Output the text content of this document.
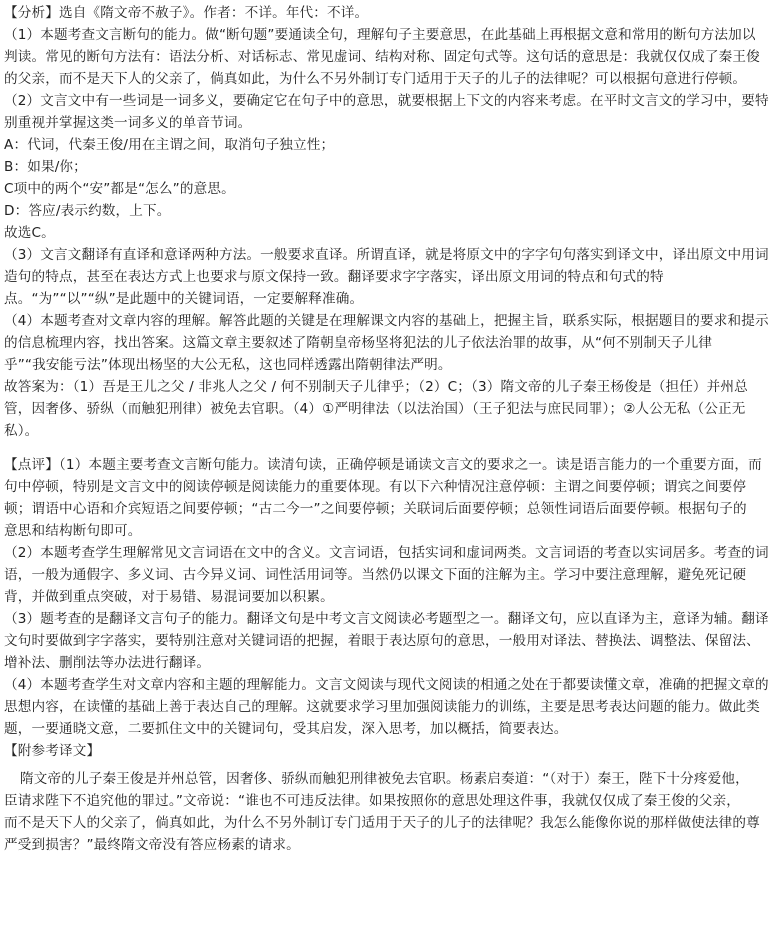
【分析】选自《隋文帝不赦子》。作者：不详。年代：不详。
（1）本题考查文言断句的能力。做“断句题”要通读全句，理解句子主要意思，在此基础上再根据文意和常用的断句方法加以
判读。常见的断句方法有：语法分析、对话标志、常见虚词、结构对称、固定句式等。这句话的意思是：我就仅仅成了秦王俊
的父亲，而不是天下人的父亲了，倘真如此，为什么不另外制订专门适用于天子的儿子的法律呢？可以根据句意进行停顿。
（2）文言文中有一些词是一词多义，要确定它在句子中的意思，就要根据上下文的内容来考虑。在平时文言文的学习中，要特
别重视并掌握这类一词多义的单音节词。
A：代词，代秦王俊/用在主谓之间，取消句子独立性；
B：如果/你；
C项中的两个“安”都是“怎么”的意思。
D：答应/表示约数，上下。
故选C。
（3）文言文翻译有直译和意译两种方法。一般要求直译。所谓直译，就是将原文中的字字句句落实到译文中，译出原文中用词
造句的特点，甚至在表达方式上也要求与原文保持一致。翻译要求字字落实，译出原文用词的特点和句式的特
点。“为”“以”“纵”是此题中的关键词语，一定要解释准确。
（4）本题考查对文章内容的理解。解答此题的关键是在理解课文内容的基础上，把握主旨，联系实际，根据题目的要求和提示
的信息梳理内容，找出答案。这篇文章主要叙述了隋朝皇帝杨坚将犯法的儿子依法治罪的故事，从“何不别制天子儿律
乎”“我安能亏法”体现出杨坚的大公无私，这也同样透露出隋朝律法严明。
故答案为：（1）吾是王儿之父 / 非兆人之父 / 何不别制天子儿律乎；（2）C；（3）隋文帝的儿子秦王杨俊是（担任）并州总
管，因奢侈、骄纵（而触犯刑律）被免去官职。（4）①严明律法（以法治国）（王子犯法与庶民同罪）；②人公无私（公正无
私）。
【点评】（1）本题主要考查文言断句能力。读清句读，正确停顿是诵读文言文的要求之一。读是语言能力的一个重要方面，而
句中停顿，特别是文言文中的阅读停顿是阅读能力的重要体现。有以下六种情况注意停顿：主谓之间要停顿；谓宾之间要停
顿；谓语中心语和介宾短语之间要停顿；“古二今一”之间要停顿；关联词后面要停顿；总领性词语后面要停顿。根据句子的
意思和结构断句即可。
（2）本题考查学生理解常见文言词语在文中的含义。文言词语，包括实词和虚词两类。文言词语的考查以实词居多。考查的词
语，一般为通假字、多义词、古今异义词、词性活用词等。当然仍以课文下面的注解为主。学习中要注意理解，避免死记硬
背，并做到重点突破，对于易错、易混词要加以积累。
（3）题考查的是翻译文言句子的能力。翻译文句是中考文言文阅读必考题型之一。翻译文句，应以直译为主，意译为辅。翻译
文句时要做到字字落实，要特别注意对关键词语的把握，着眼于表达原句的意思，一般用对译法、替换法、调整法、保留法、
增补法、删削法等办法进行翻译。
（4）本题考查学生对文章内容和主题的理解能力。文言文阅读与现代文阅读的相通之处在于都要读懂文章，准确的把握文章的
思想内容，在读懂的基础上善于表达自己的理解。这就要求学习里加强阅读能力的训练，主要是思考表达问题的能力。做此类
题，一要通晓文意，二要抓住文中的关键词句，受其启发，深入思考，加以概括，简要表达。
【附参考译文】
隋文帝的儿子秦王俊是并州总管，因奢侈、骄纵而触犯刑律被免去官职。杨素启奏道：“（对于）秦王，陛下十分疼爱他，
臣请求陛下不追究他的罪过。”文帝说：“谁也不可违反法律。如果按照你的意思处理这件事，我就仅仅成了秦王俊的父亲，
而不是天下人的父亲了，倘真如此，为什么不另外制订专门适用于天子的儿子的法律呢？我怎么能像你说的那样做使法律的尊
严受到损害？”最终隋文帝没有答应杨素的请求。
